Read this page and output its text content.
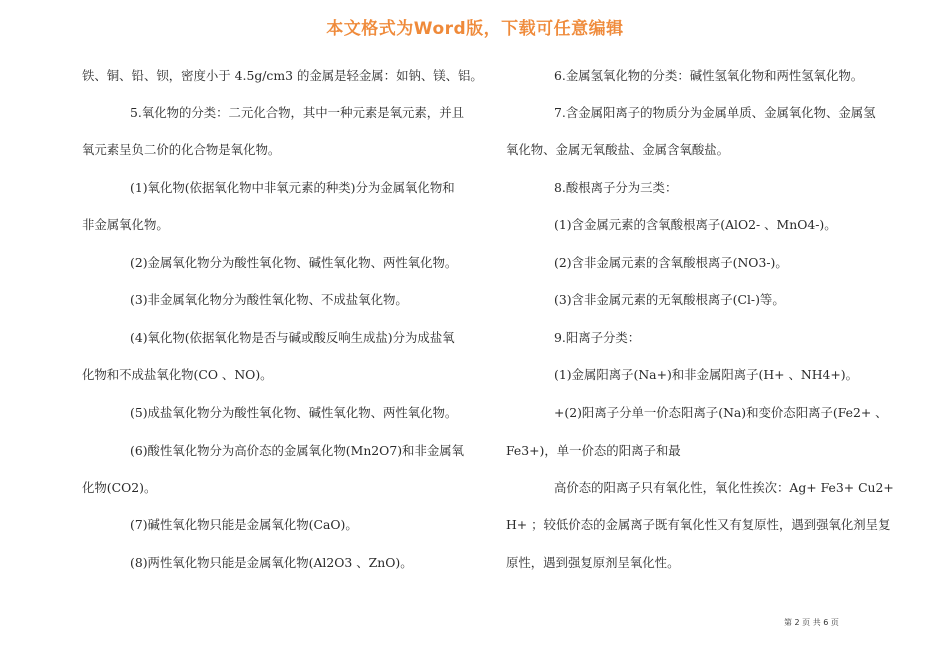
本文格式为Word版，下载可任意编辑
铁、铜、铅、钡，密度小于 4.5g/cm3 的金属是轻金属：如钠、镁、铝。
5.氧化物的分类：二元化合物，其中一种元素是氧元素，并且
氧元素呈负二价的化合物是氧化物。
(1)氧化物(依据氧化物中非氧元素的种类)分为金属氧化物和
非金属氧化物。
(2)金属氧化物分为酸性氧化物、碱性氧化物、两性氧化物。
(3)非金属氧化物分为酸性氧化物、不成盐氧化物。
(4)氧化物(依据氧化物是否与碱或酸反响生成盐)分为成盐氧
化物和不成盐氧化物(CO 、NO)。
(5)成盐氧化物分为酸性氧化物、碱性氧化物、两性氧化物。
(6)酸性氧化物分为高价态的金属氧化物(Mn2O7)和非金属氧
化物(CO2)。
(7)碱性氧化物只能是金属氧化物(CaO)。
(8)两性氧化物只能是金属氧化物(Al2O3 、ZnO)。
6.金属氢氧化物的分类：碱性氢氧化物和两性氢氧化物。
7.含金属阳离子的物质分为金属单质、金属氧化物、金属氢
氧化物、金属无氧酸盐、金属含氧酸盐。
8.酸根离子分为三类：
(1)含金属元素的含氧酸根离子(AlO2- 、MnO4-)。
(2)含非金属元素的含氧酸根离子(NO3-)。
(3)含非金属元素的无氧酸根离子(Cl-)等。
9.阳离子分类：
(1)金属阳离子(Na+)和非金属阳离子(H+ 、NH4+)。
+(2)阳离子分单一价态阳离子(Na)和变价态阳离子(Fe2+ 、
Fe3+)，单一价态的阳离子和最
高价态的阳离子只有氧化性，氧化性挨次：Ag+ Fe3+ Cu2+
H+ ；较低价态的金属离子既有氧化性又有复原性，遇到强氧化剂呈复
原性，遇到强复原剂呈氧化性。
第 2 页 共 6 页
